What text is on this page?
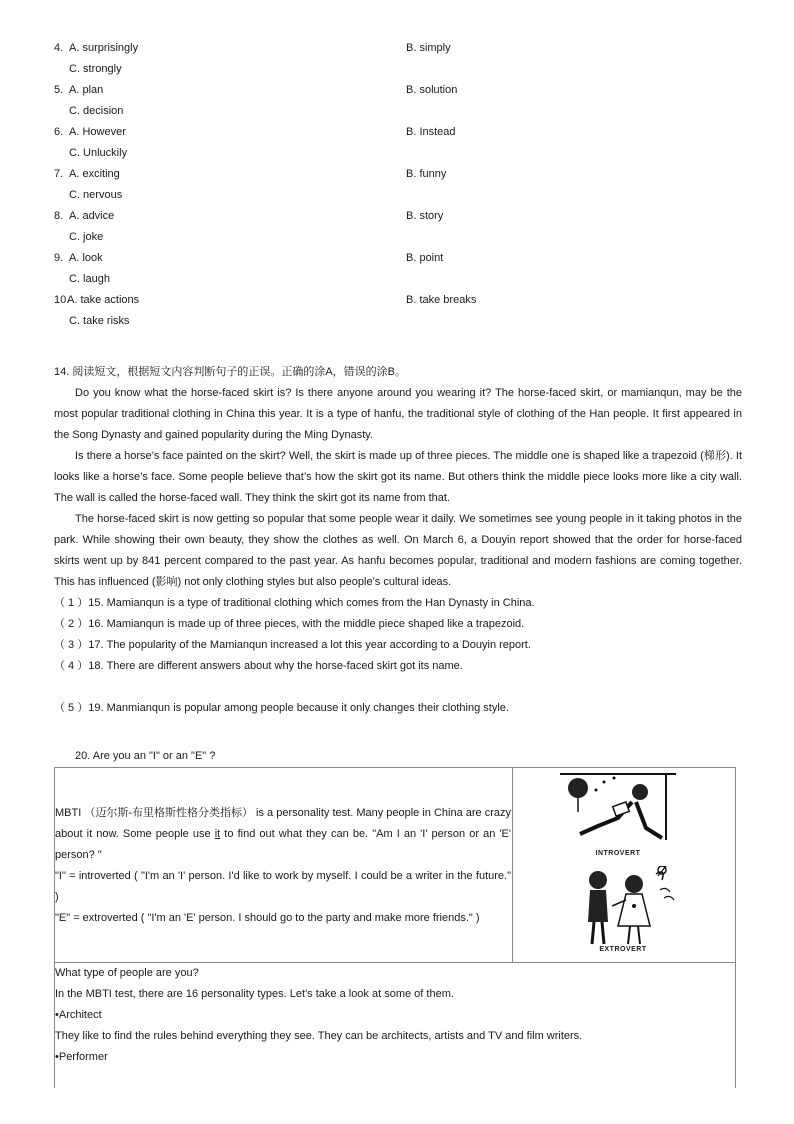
4. A. surprisingly	B. simply
C. strongly
5. A. plan	B. solution
C. decision
6. A. However	B. Instead
C. Unluckily
7. A. exciting	B. funny
C. nervous
8. A. advice	B. story
C. joke
9. A. look	B. point
C. laugh
10.
A. take actions	B. take breaks
C. take risks
14. 阅读短文，根据短文内容判断句子的正误。正确的涂A，错误的涂B。
Do you know what the horse-faced skirt is? Is there anyone around you wearing it? The horse-faced skirt, or mamianqun, may be the most popular traditional clothing in China this year. It is a type of hanfu, the traditional style of clothing of the Han people. It first appeared in the Song Dynasty and gained popularity during the Ming Dynasty.
Is there a horse’s face painted on the skirt? Well, the skirt is made up of three pieces. The middle one is shaped like a trapezoid (梯形). It looks like a horse’s face. Some people believe that’s how the skirt got its name. But others think the middle piece looks more like a city wall. The wall is called the horse-faced wall. They think the skirt got its name from that.
The horse-faced skirt is now getting so popular that some people wear it daily. We sometimes see young people in it taking photos in the park. While showing their own beauty, they show the clothes as well. On March 6, a Douyin report showed that the order for horse-faced skirts went up by 841 percent compared to the past year. As hanfu becomes popular, traditional and modern fashions are coming together. This has influenced (影响) not only clothing styles but also people’s cultural ideas.
（ 1 ）15. Mamianqun is a type of traditional clothing which comes from the Han Dynasty in China.
（ 2 ）16. Mamianqun is made up of three pieces, with the middle piece shaped like a trapezoid.
（ 3 ）17. The popularity of the Mamianqun increased a lot this year according to a Douyin report.
（ 4 ）18. There are different answers about why the horse-faced skirt got its name.
（ 5 ）19. Manmianqun is popular among people because it only changes their clothing style.
20. Are you an "I" or an "E" ?
MBTI （迈尔斯-布里格斯性格分类指标） is a personality test. Many people in China are crazy about it now. Some people use it to find out what they can be. "Am I an 'I' person or an 'E' person? "
"I" = introverted ( "I'm an 'I' person. I'd like to work by myself. I could be a writer in the future." )
"E" = extroverted ( "I'm an 'E' person. I should go to the party and make more friends." )
INTROVERT
EXTROVERT
What type of people are you?
In the MBTI test, there are 16 personality types. Let's take a look at some of them.
•Architect
They like to find the rules behind everything they see. They can be architects, artists and TV and film writers.
•Performer
